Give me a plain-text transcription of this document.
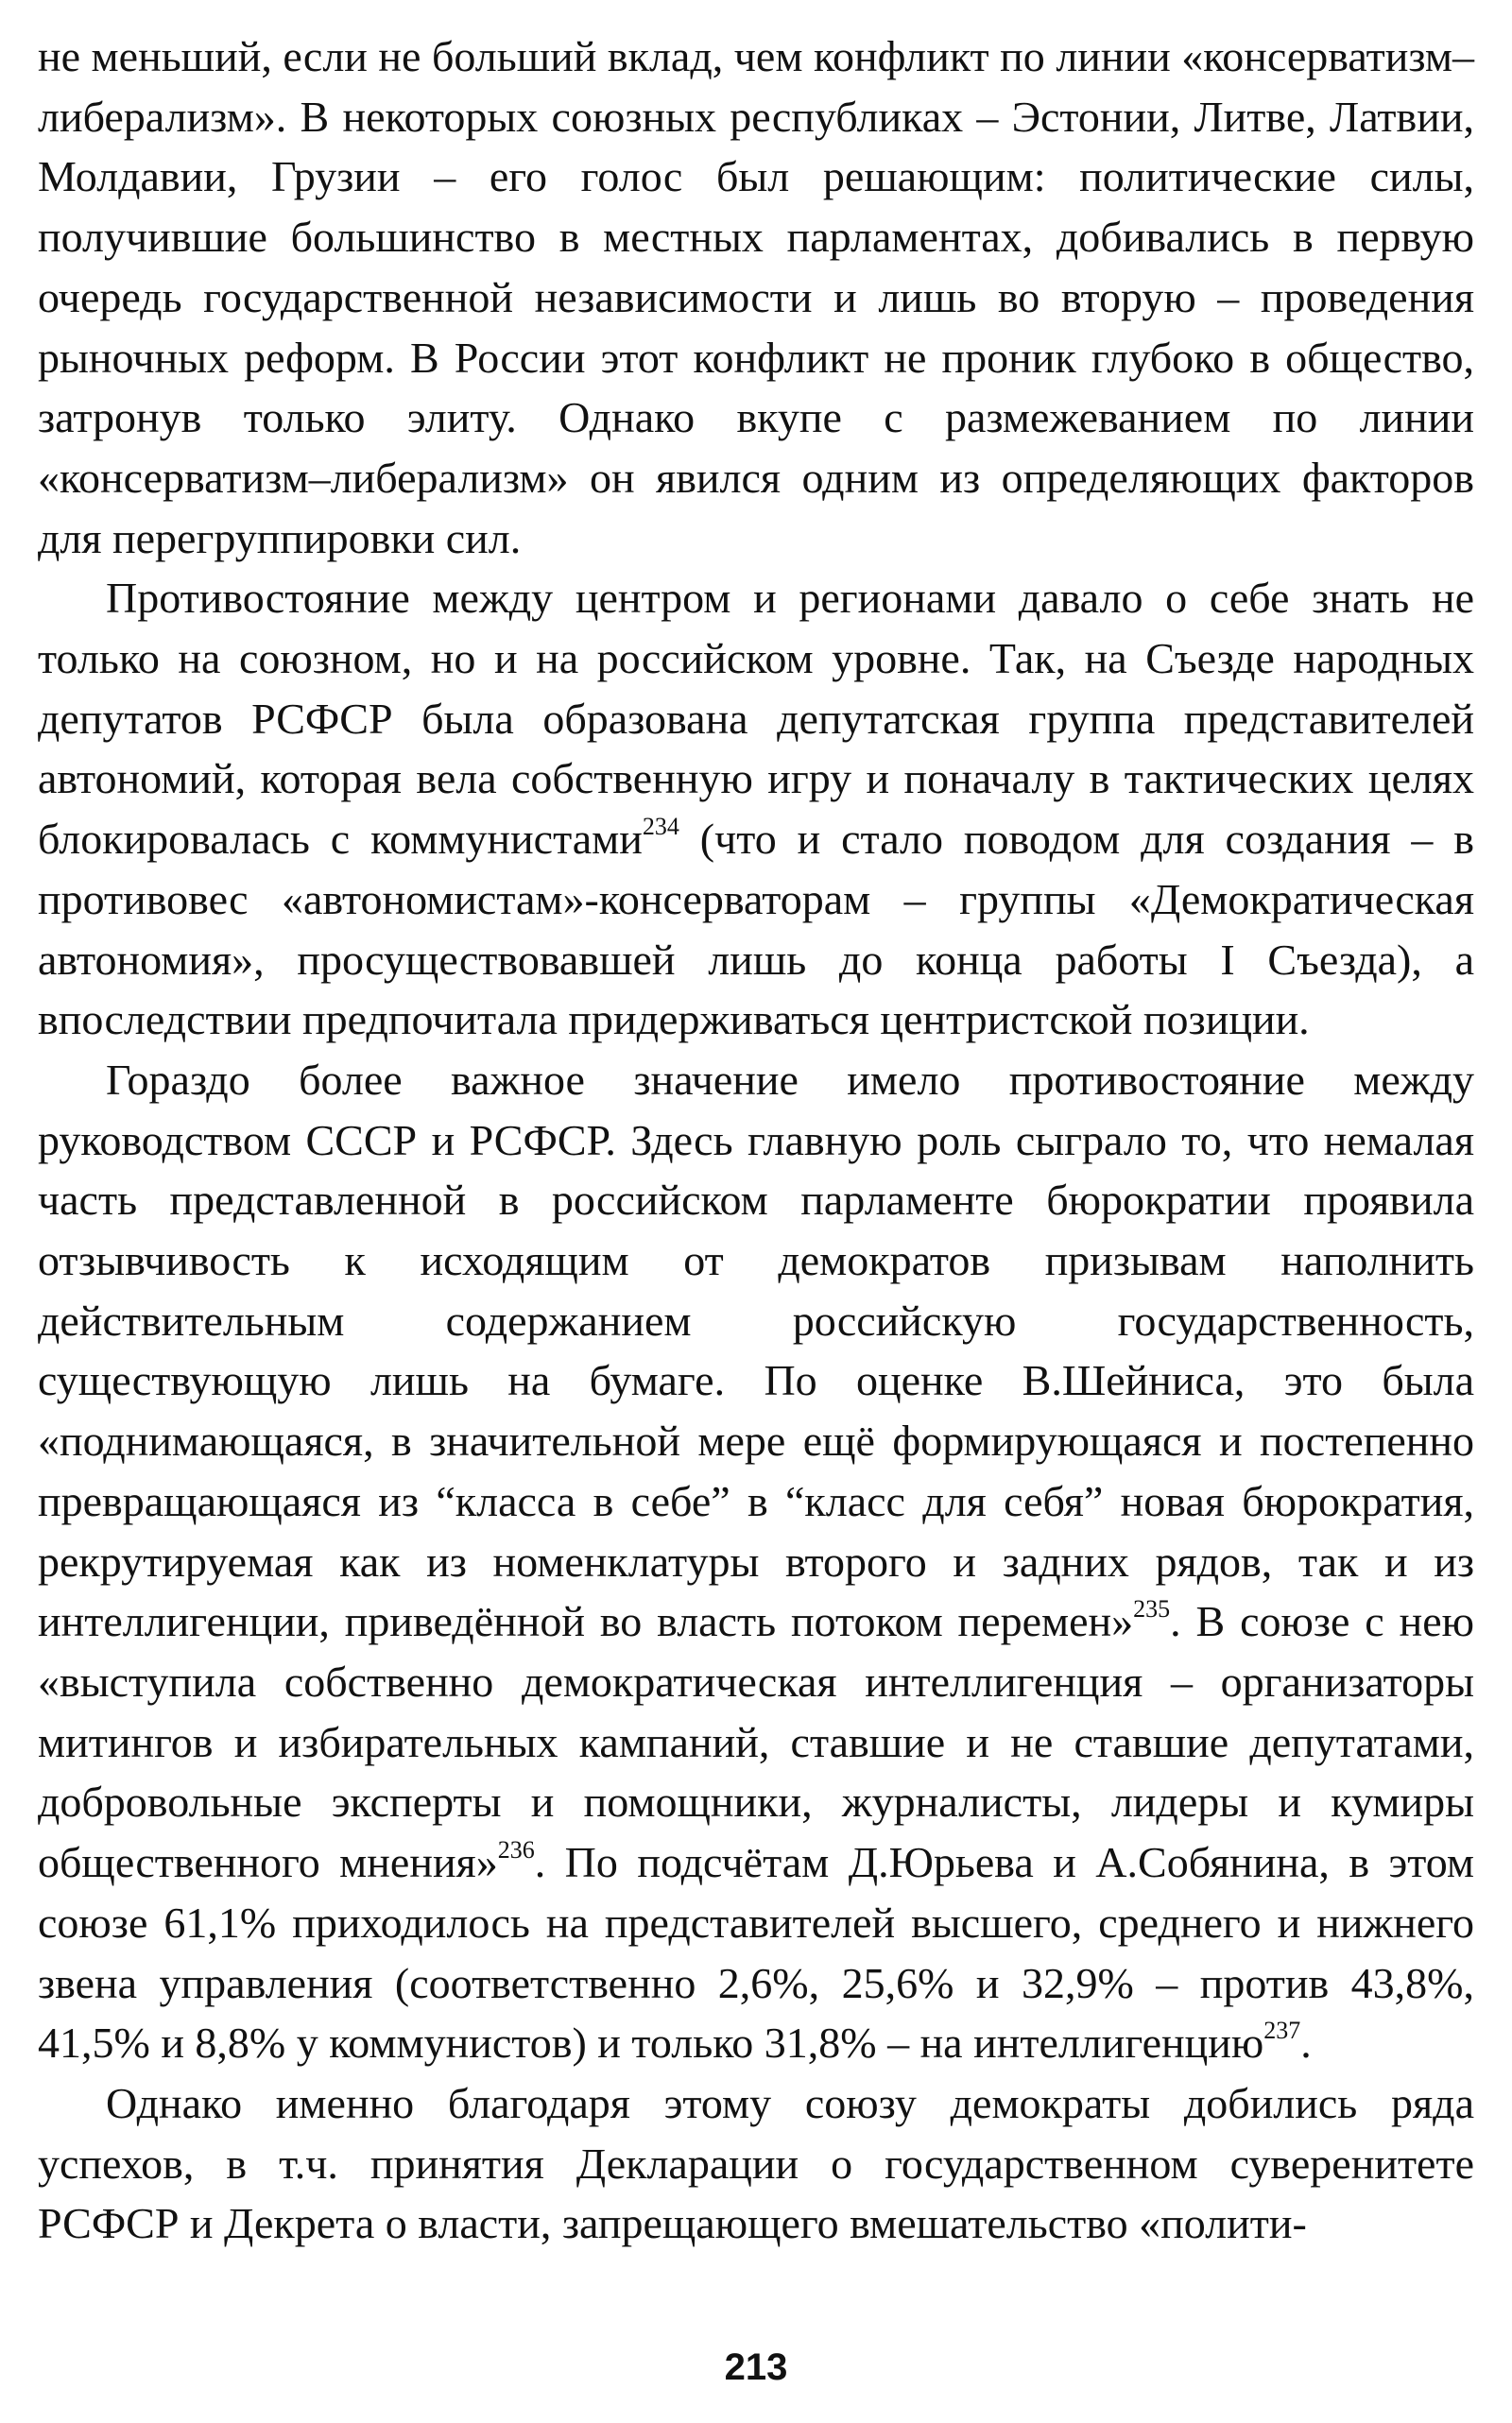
не меньший, если не больший вклад, чем конфликт по линии «консерватизм–либерализм». В некоторых союзных республиках – Эстонии, Литве, Латвии, Молдавии, Грузии – его голос был решающим: политические силы, получившие большинство в местных парламентах, добивались в первую очередь государственной независимости и лишь во вторую – проведения рыночных реформ. В России этот конфликт не проник глубоко в общество, затронув только элиту. Однако вкупе с размежеванием по линии «консерватизм–либерализм» он явился одним из определяющих факторов для перегруппировки сил.

Противостояние между центром и регионами давало о себе знать не только на союзном, но и на российском уровне. Так, на Съезде народных депутатов РСФСР была образована депутатская группа представителей автономий, которая вела собственную игру и поначалу в тактических целях блокировалась с коммунистами$^{234}$ (что и стало поводом для создания – в противовес «автономистам»-консерваторам – группы «Демократическая автономия», просуществовавшей лишь до конца работы I Съезда), а впоследствии предпочитала придерживаться центристской позиции.

Гораздо более важное значение имело противостояние между руководством СССР и РСФСР. Здесь главную роль сыграло то, что немалая часть представленной в российском парламенте бюрократии проявила отзывчивость к исходящим от демократов призывам наполнить действительным содержанием российскую государственность, существующую лишь на бумаге. По оценке В.Шейниса, это была «поднимающаяся, в значительной мере ещё формирующаяся и постепенно превращающаяся из “класса в себе” в “класс для себя” новая бюрократия, рекрутируемая как из номенклатуры второго и задних рядов, так и из интеллигенции, приведённой во власть потоком перемен»$^{235}$. В союзе с нею «выступила собственно демократическая интеллигенция – организаторы митингов и избирательных кампаний, ставшие и не ставшие депутатами, добровольные эксперты и помощники, журналисты, лидеры и кумиры общественного мнения»$^{236}$. По подсчётам Д.Юрьева и А.Собянина, в этом союзе 61,1% приходилось на представителей высшего, среднего и нижнего звена управления (соответственно 2,6%, 25,6% и 32,9% – против 43,8%, 41,5% и 8,8% у коммунистов) и только 31,8% – на интеллигенцию$^{237}$.

Однако именно благодаря этому союзу демократы добились ряда успехов, в т.ч. принятия Декларации о государственном суверенитете РСФСР и Декрета о власти, запрещающего вмешательство «полити-

213
